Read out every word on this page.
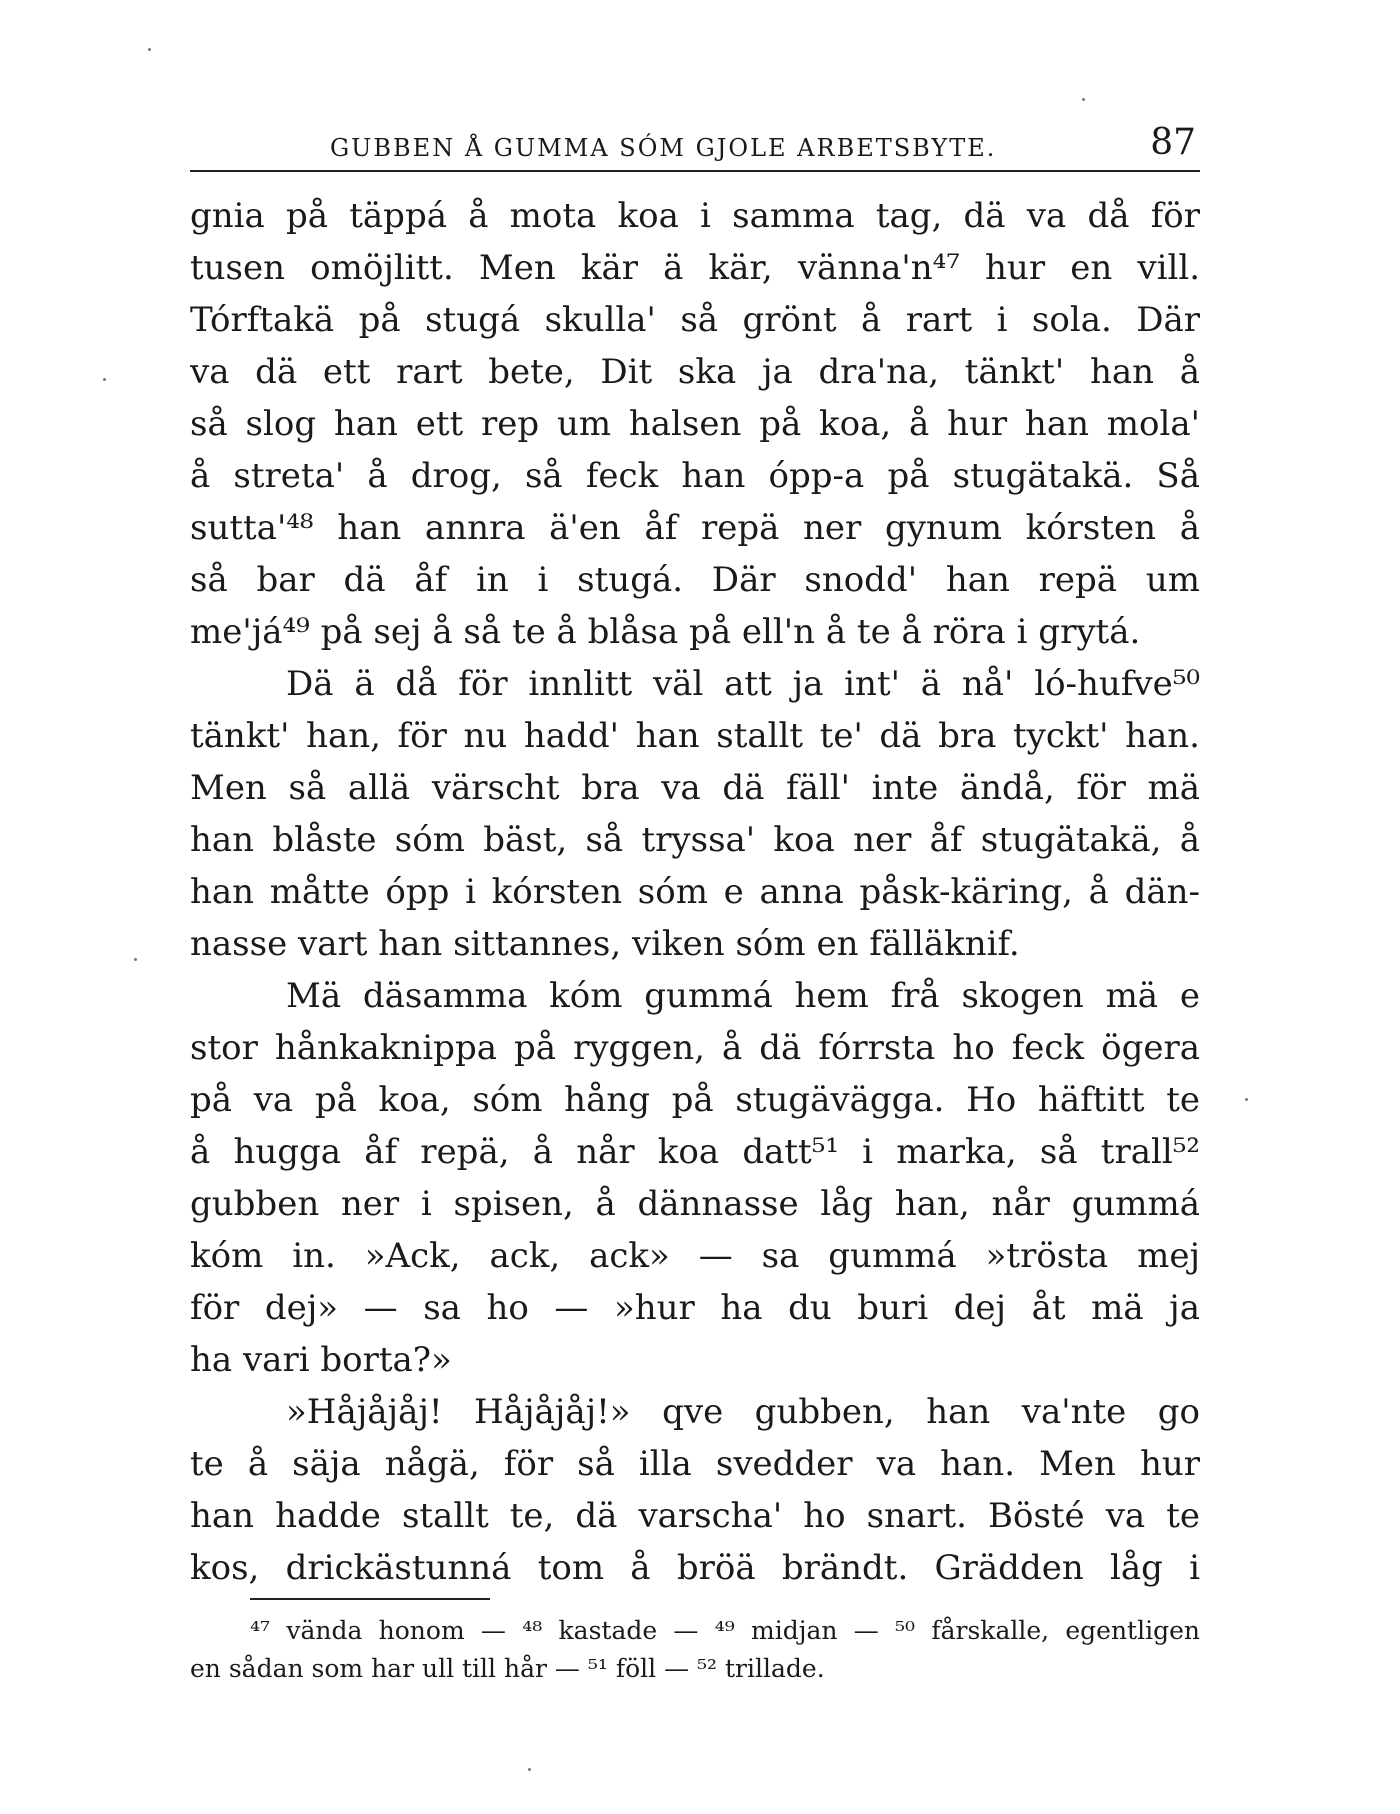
GUBBEN Å GUMMA SÓM GJOLE ARBETSBYTE.	87
gnia på täppá å mota koa i samma tag, dä va då för
tusen omöjlitt. Men kär ä kär, vänna'n⁴⁷ hur en vill.
Tórftakä på stugá skulla' så grönt å rart i sola. Där
va dä ett rart bete, Dit ska ja dra'na, tänkt' han å
så slog han ett rep um halsen på koa, å hur han mola'
å streta' å drog, så feck han ópp-a på stugätakä. Så
sutta'⁴⁸ han annra ä'en åf repä ner gynum kórsten å
så bar dä åf in i stugá. Där snodd' han repä um
me'já⁴⁹ på sej å så te å blåsa på ell'n å te å röra i grytá.
Dä ä då för innlitt väl att ja int' ä nå' ló-hufve⁵⁰
tänkt' han, för nu hadd' han stallt te' dä bra tyckt' han.
Men så allä värscht bra va dä fäll' inte ändå, för mä
han blåste sóm bäst, så tryssa' koa ner åf stugätakä, å
han måtte ópp i kórsten sóm e anna påsk-käring, å dän-
nasse vart han sittannes, viken sóm en fälläknif.
Mä däsamma kóm gummá hem frå skogen mä e
stor hånkaknippa på ryggen, å dä fórrsta ho feck ögera
på va på koa, sóm hång på stugävägga. Ho häftitt te
å hugga åf repä, å når koa datt⁵¹ i marka, så trall⁵²
gubben ner i spisen, å dännasse låg han, når gummá
kóm in. »Ack, ack, ack» — sa gummá »trösta mej
för dej» — sa ho — »hur ha du buri dej åt mä ja
ha vari borta?»
»Håjåjåj! Håjåjåj!» qve gubben, han va'nte go
te å säja någä, för så illa svedder va han. Men hur
han hadde stallt te, dä varscha' ho snart. Bösté va te
kos, drickästunná tom å bröä brändt. Grädden låg i
⁴⁷ vända honom — ⁴⁸ kastade — ⁴⁹ midjan — ⁵⁰ fårskalle, egentligen
en sådan som har ull till hår — ⁵¹ föll — ⁵² trillade.
